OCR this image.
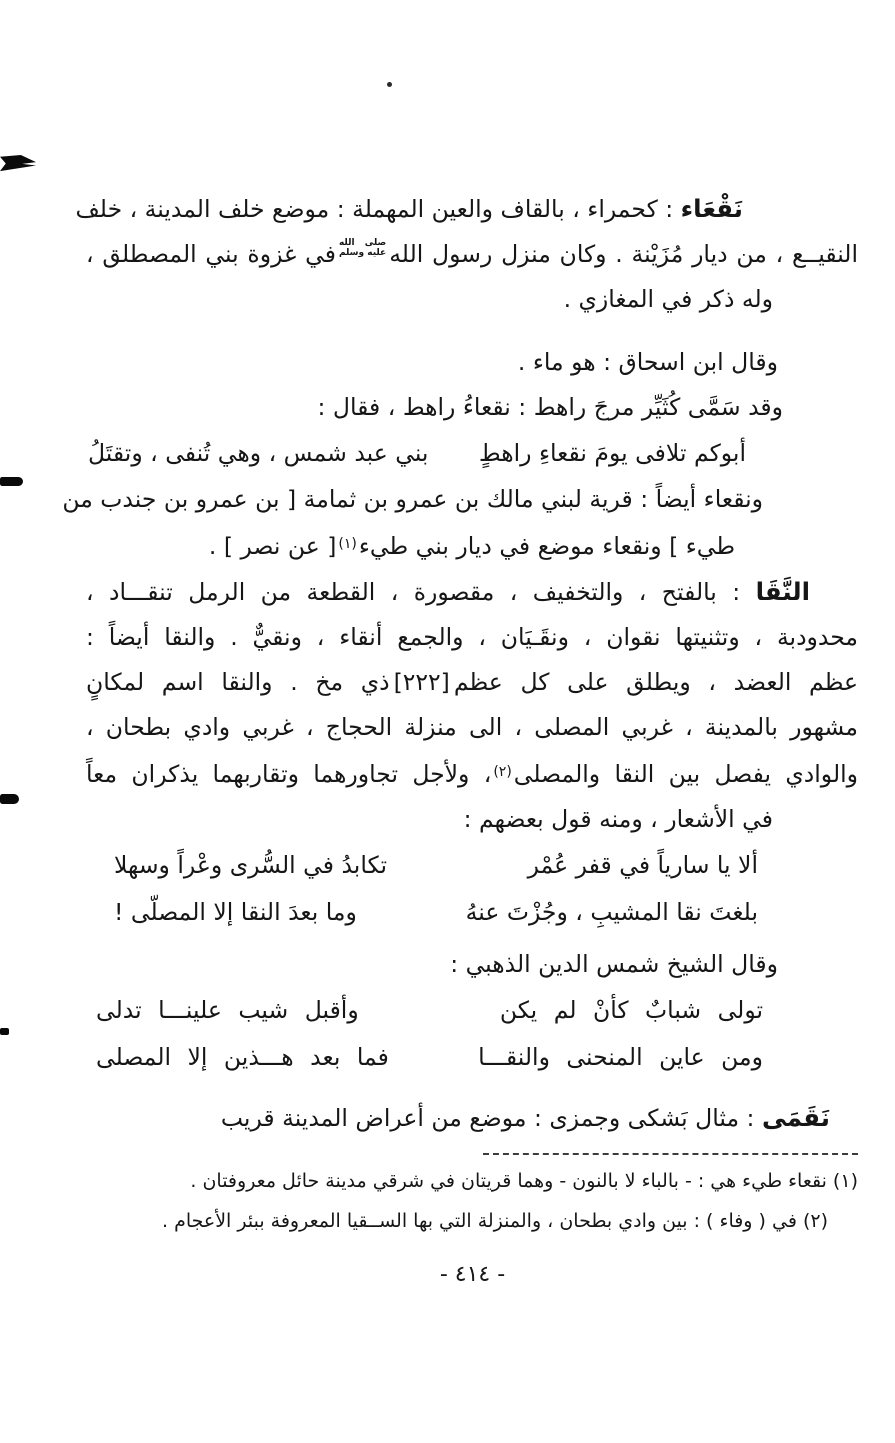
نَقْعَاء : كحمراء ، بالقاف والعين المهملة : موضع خلف المدينة ، خلف
النقيــع ، من ديار مُزَيْنة . وكان منزل رسول اللهصلى الله
عليه وسلمفي غزوة بني المصطلق ،
وله ذكر في المغازي .
وقال ابن اسحاق : هو ماء .
وقد سَمَّى كُثَيِّر مرجَ راهط : نقعاءُ راهط ، فقال :
أبوكم تلافى يومَ نقعاءِ راهطٍ
بني عبد شمس ، وهي تُنفى ، وتقتَلُ
ونقعاء أيضاً : قرية لبني مالك بن عمرو بن ثمامة [ بن عمرو بن جندب من
طيء ] ونقعاء موضع في ديار بني طيء$^{(١)}$[ عن نصر ] .
النَّقَا : بالفتح ، والتخفيف ، مقصورة ، القطعة من الرمل تنقـــاد ،
محدودبة ، وتثنيتها نقوان ، ونقَـيَان ، والجمع أنقاء ، ونقيٌّ . والنقا أيضاً :
عظم العضد ، ويطلق على كل عظم[٢٢٢]ذي مخ . والنقا اسم لمكانٍ
مشهور بالمدينة ، غربي المصلى ، الى منزلة الحجاج ، غربي وادي بطحان ،
والوادي يفصل بين النقا والمصلى$^{(٢)}$، ولأجل تجاورهما وتقاربهما يذكران معاً
في الأشعار ، ومنه قول بعضهم :
ألا يا سارياً في قفر عُمْر
تكابدُ في السُّرى وعْراً وسهلا
بلغتَ نقا المشيبِ ، وجُزْتَ عنهُ
وما بعدَ النقا إلا المصلّى !
وقال الشيخ شمس الدين الذهبي :
تولى شبابٌ كأنْ لم يكن
وأقبل شيب علينـــا تدلى
ومن عاين المنحنى والنقـــا
فما بعد هـــذين إلا المصلى
نَقَمَى : مثال بَشكى وجمزى : موضع من أعراض المدينة قريب
(١) نقعاء طيء هي : - بالباء لا بالنون - وهما قريتان في شرقي مدينة حائل معروفتان .
(٢) في ( وفاء ) : بين وادي بطحان ، والمنزلة التي بها الســقيا المعروفة ببئر الأعجام .
- ٤١٤ -
